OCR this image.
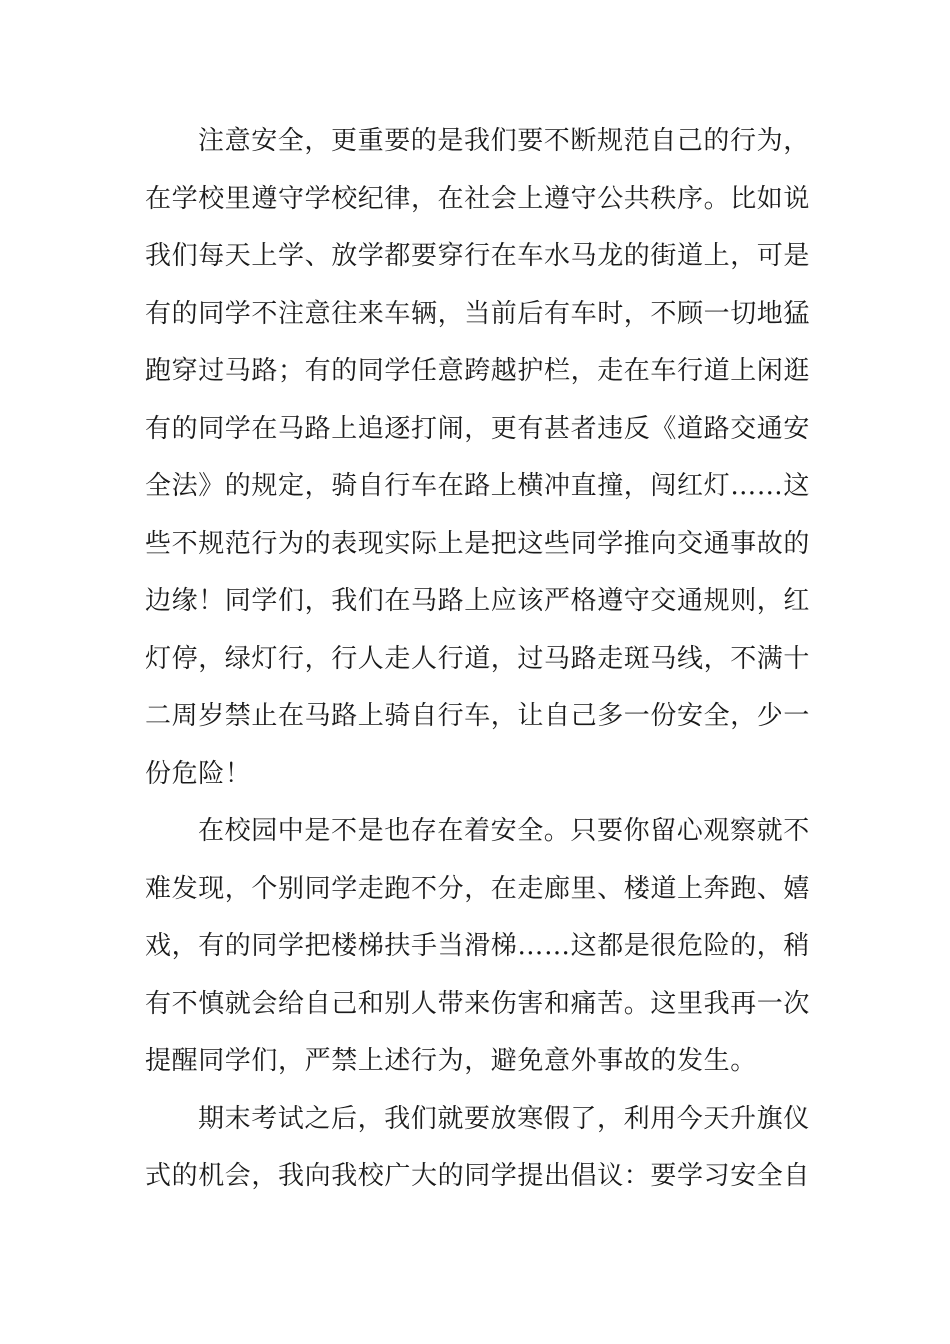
注意安全，更重要的是我们要不断规范自己的行为，
在学校里遵守学校纪律，在社会上遵守公共秩序。比如说
我们每天上学、放学都要穿行在车水马龙的街道上，可是
有的同学不注意往来车辆，当前后有车时，不顾一切地猛
跑穿过马路；有的同学任意跨越护栏，走在车行道上闲逛
有的同学在马路上追逐打闹，更有甚者违反《道路交通安
全法》的规定，骑自行车在路上横冲直撞，闯红灯……这
些不规范行为的表现实际上是把这些同学推向交通事故的
边缘！同学们，我们在马路上应该严格遵守交通规则，红
灯停，绿灯行，行人走人行道，过马路走斑马线，不满十
二周岁禁止在马路上骑自行车，让自己多一份安全，少一
份危险！
在校园中是不是也存在着安全。只要你留心观察就不
难发现，个别同学走跑不分，在走廊里、楼道上奔跑、嬉
戏，有的同学把楼梯扶手当滑梯……这都是很危险的，稍
有不慎就会给自己和别人带来伤害和痛苦。这里我再一次
提醒同学们，严禁上述行为，避免意外事故的发生。
期末考试之后，我们就要放寒假了，利用今天升旗仪
式的机会，我向我校广大的同学提出倡议：要学习安全自
